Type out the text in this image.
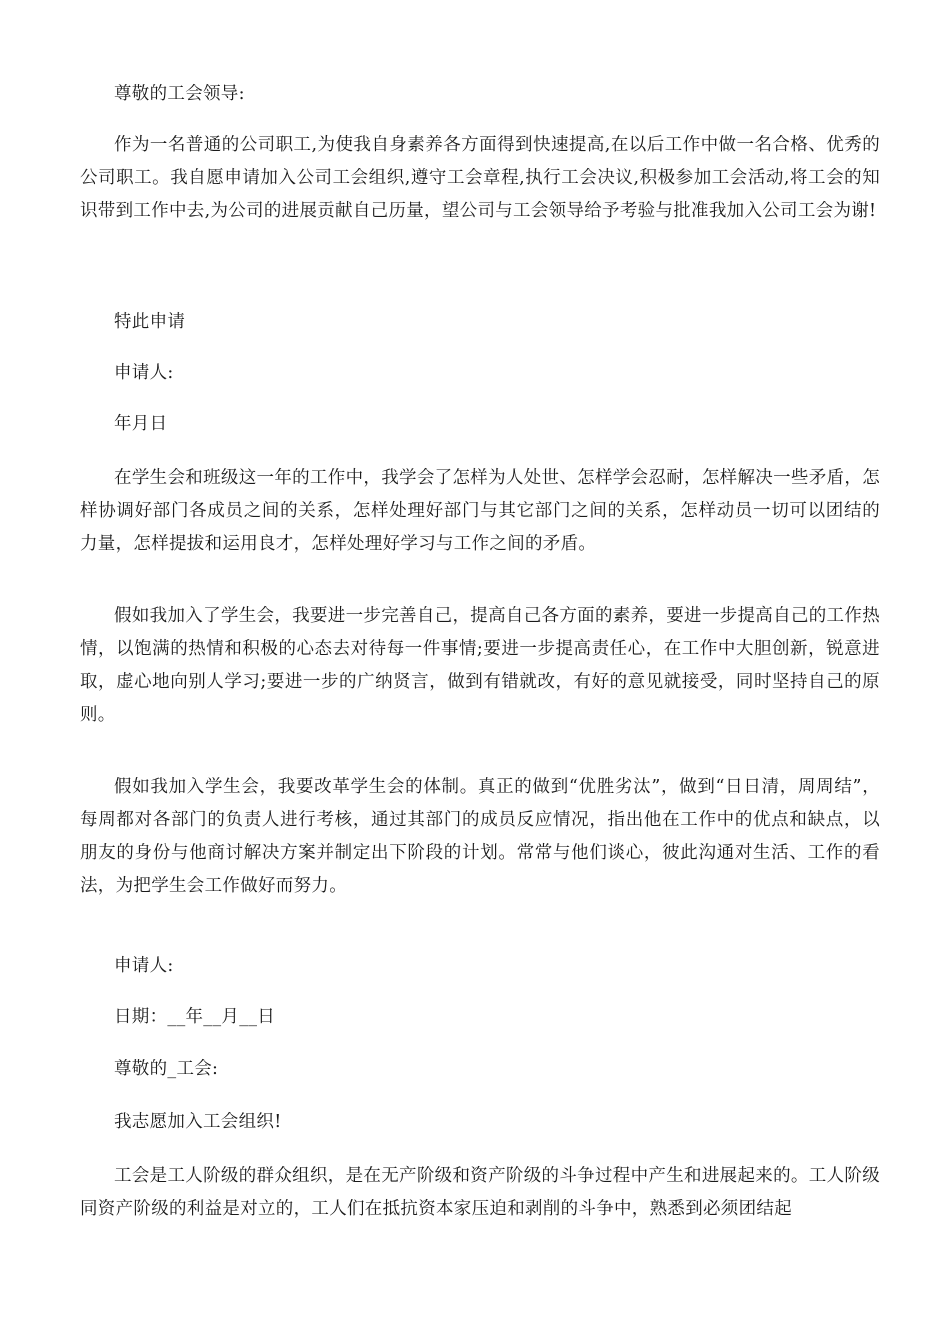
尊敬的工会领导:

作为一名普通的公司职工,为使我自身素养各方面得到快速提高,在以后工作中做一名合格、优秀的公司职工。我自愿申请加入公司工会组织,遵守工会章程,执行工会决议,积极参加工会活动,将工会的知识带到工作中去,为公司的进展贡献自己历量，望公司与工会领导给予考验与批准我加入公司工会为谢!

特此申请

申请人:

年月日

在学生会和班级这一年的工作中，我学会了怎样为人处世、怎样学会忍耐，怎样解决一些矛盾，怎样协调好部门各成员之间的关系，怎样处理好部门与其它部门之间的关系，怎样动员一切可以团结的力量，怎样提拔和运用良才，怎样处理好学习与工作之间的矛盾。

假如我加入了学生会，我要进一步完善自己，提高自己各方面的素养，要进一步提高自己的工作热情，以饱满的热情和积极的心态去对待每一件事情;要进一步提高责任心，在工作中大胆创新，锐意进取，虚心地向别人学习;要进一步的广纳贤言，做到有错就改，有好的意见就接受，同时坚持自己的原则。

假如我加入学生会，我要改革学生会的体制。真正的做到“优胜劣汰”，做到“日日清，周周结”，每周都对各部门的负责人进行考核，通过其部门的成员反应情况，指出他在工作中的优点和缺点，以朋友的身份与他商讨解决方案并制定出下阶段的计划。常常与他们谈心，彼此沟通对生活、工作的看法，为把学生会工作做好而努力。

申请人:

日期：__年__月__日

尊敬的_工会:

我志愿加入工会组织!

工会是工人阶级的群众组织，是在无产阶级和资产阶级的斗争过程中产生和进展起来的。工人阶级同资产阶级的利益是对立的，工人们在抵抗资本家压迫和剥削的斗争中，熟悉到必须团结起
